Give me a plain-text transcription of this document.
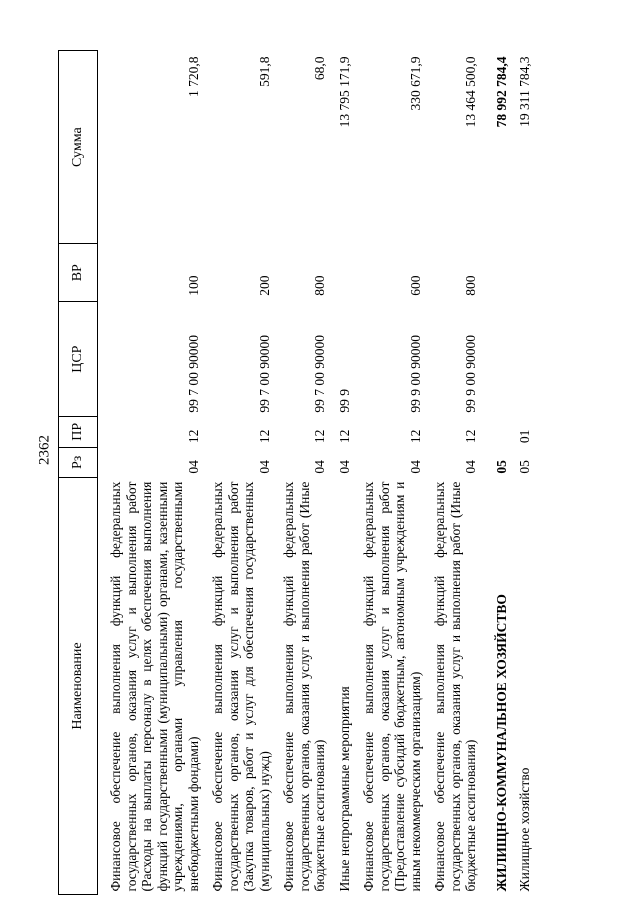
2362
Наименование	Рз	ПР	ЦСР	ВР	Сумма

Финансовое обеспечение выполнения функций федеральных государственных органов, оказания услуг и выполнения работ (Расходы на выплаты персоналу в целях обеспечения выполнения функций государственными (муниципальными) органами, казенными учреждениями, органами управления государственными внебюджетными фондами)	04	12	99 7 00 90000	100	1 720,8
Финансовое обеспечение выполнения функций федеральных государственных органов, оказания услуг и выполнения работ (Закупка товаров, работ и услуг для обеспечения государственных (муниципальных) нужд)	04	12	99 7 00 90000	200	591,8
Финансовое обеспечение выполнения функций федеральных государственных органов, оказания услуг и выполнения работ (Иные бюджетные ассигнования)	04	12	99 7 00 90000	800	68,0
Иные непрограммные мероприятия	04	12	99 9		13 795 171,9
Финансовое обеспечение выполнения функций федеральных государственных органов, оказания услуг и выполнения работ (Предоставление субсидий бюджетным, автономным учреждениям и иным некоммерческим организациям)	04	12	99 9 00 90000	600	330 671,9
Финансовое обеспечение выполнения функций федеральных государственных органов, оказания услуг и выполнения работ (Иные бюджетные ассигнования)	04	12	99 9 00 90000	800	13 464 500,0
ЖИЛИЩНО-КОММУНАЛЬНОЕ ХОЗЯЙСТВО	05				78 992 784,4
Жилищное хозяйство	05	01			19 311 784,3
